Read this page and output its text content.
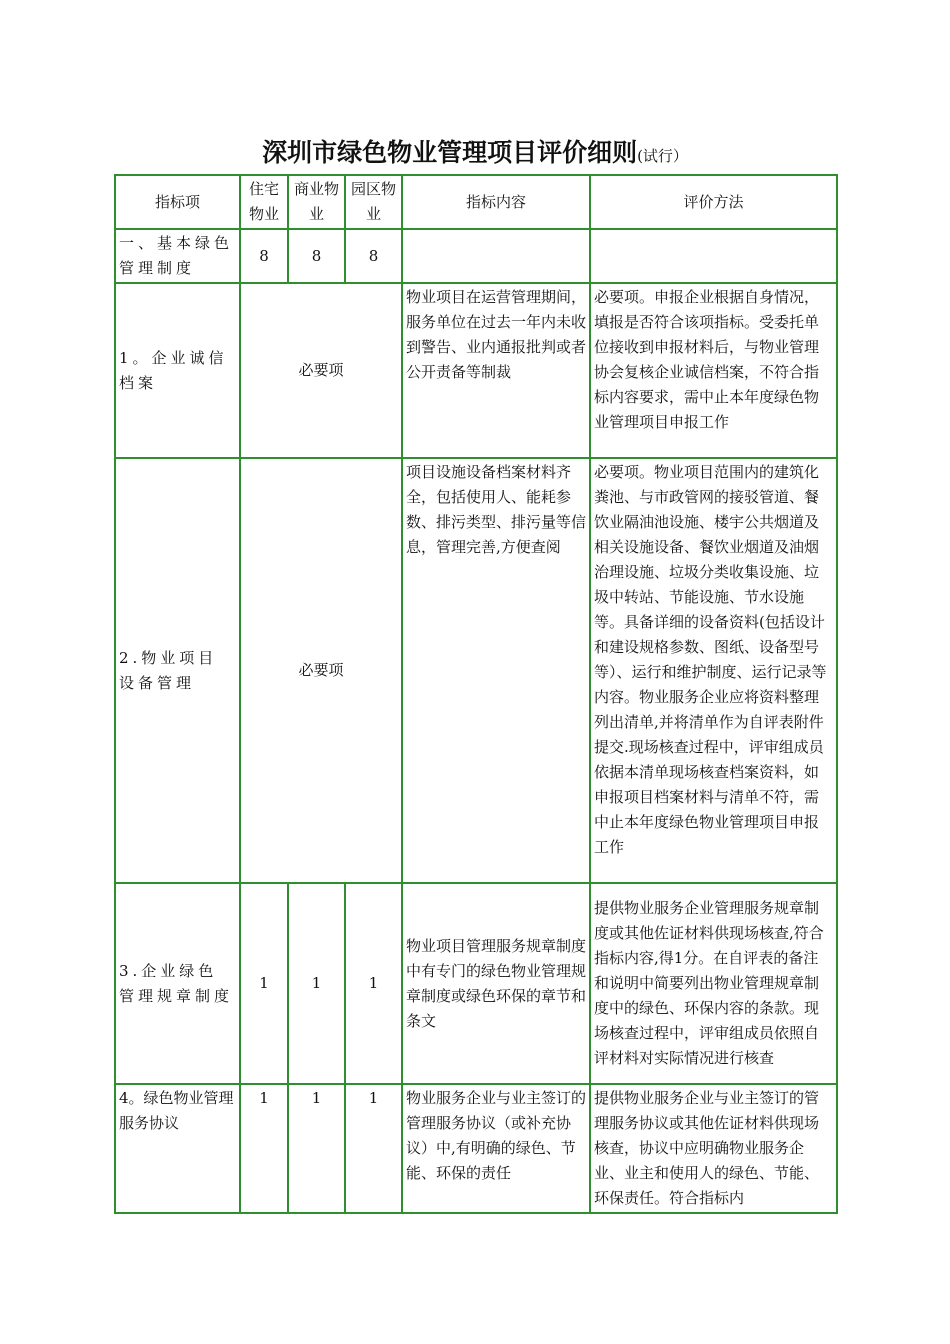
深圳市绿色物业管理项目评价细则(试行）
指标项	住宅物业	商业物业	园区物业	指标内容	评价方法
一、基本绿色管理制度	8	8	8		
1。企业诚信档案	必要项			物业项目在运营管理期间，服务单位在过去一年内未收到警告、业内通报批判或者公开责备等制裁	必要项。申报企业根据自身情况，填报是否符合该项指标。受委托单位接收到申报材料后，与物业管理协会复核企业诚信档案，不符合指标内容要求，需中止本年度绿色物业管理项目申报工作
2.物业项目设备管理	必要项			项目设施设备档案材料齐全，包括使用人、能耗参数、排污类型、排污量等信息，管理完善,方便查阅	必要项。物业项目范围内的建筑化粪池、与市政管网的接驳管道、餐饮业隔油池设施、楼宇公共烟道及相关设施设备、餐饮业烟道及油烟治理设施、垃圾分类收集设施、垃圾中转站、节能设施、节水设施等。具备详细的设备资料(包括设计和建设规格参数、图纸、设备型号等）、运行和维护制度、运行记录等内容。物业服务企业应将资料整理列出清单,并将清单作为自评表附件提交.现场核查过程中，评审组成员依据本清单现场核查档案资料，如申报项目档案材料与清单不符，需中止本年度绿色物业管理项目申报工作
3.企业绿色管理规章制度	1	1	1	物业项目管理服务规章制度中有专门的绿色物业管理规章制度或绿色环保的章节和条文	提供物业服务企业管理服务规章制度或其他佐证材料供现场核查,符合指标内容,得1分。在自评表的备注和说明中简要列出物业管理规章制度中的绿色、环保内容的条款。现场核查过程中，评审组成员依照自评材料对实际情况进行核查
4。绿色物业管理服务协议	1	1	1	物业服务企业与业主签订的管理服务协议（或补充协议）中,有明确的绿色、节能、环保的责任	提供物业服务企业与业主签订的管理服务协议或其他佐证材料供现场核查，协议中应明确物业服务企业、业主和使用人的绿色、节能、环保责任。符合指标内
